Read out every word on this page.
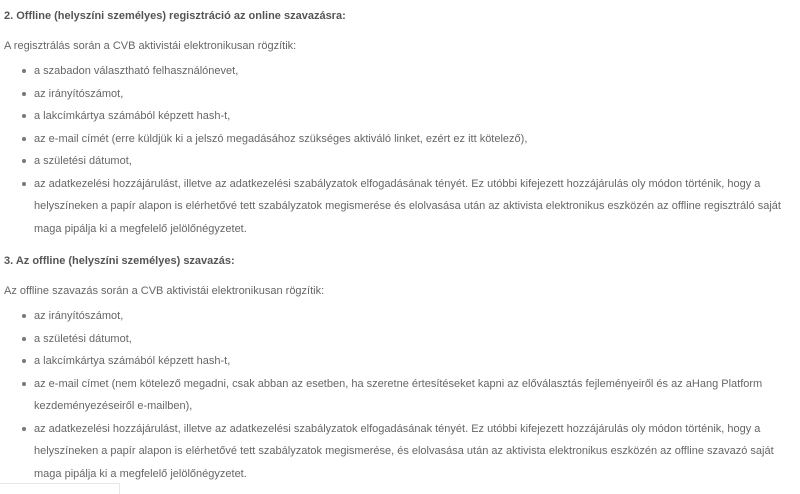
2. Offline (helyszíni személyes) regisztráció az online szavazásra:

A regisztrálás során a CVB aktivistái elektronikusan rögzítik:

a szabadon választható felhasználónevet,
az irányítószámot,
a lakcímkártya számából képzett hash-t,
az e-mail címét (erre küldjük ki a jelszó megadásához szükséges aktiváló linket, ezért ez itt kötelező),
a születési dátumot,
az adatkezelési hozzájárulást, illetve az adatkezelési szabályzatok elfogadásának tényét. Ez utóbbi kifejezett hozzájárulás oly módon történik, hogy a helyszíneken a papír alapon is elérhetővé tett szabályzatok megismerése és elolvasása után az aktivista elektronikus eszközén az offline regisztráló saját maga pipálja ki a megfelelő jelölőnégyzetet.

3. Az offline (helyszíni személyes) szavazás:

Az offline szavazás során a CVB aktivistái elektronikusan rögzítik:

az irányítószámot,
a születési dátumot,
a lakcímkártya számából képzett hash-t,
az e-mail címet (nem kötelező megadni, csak abban az esetben, ha szeretne értesítéseket kapni az előválasztás fejleményeiről és az aHang Platform kezdeményezéseiről e-mailben),
az adatkezelési hozzájárulást, illetve az adatkezelési szabályzatok elfogadásának tényét. Ez utóbbi kifejezett hozzájárulás oly módon történik, hogy a helyszíneken a papír alapon is elérhetővé tett szabályzatok megismerése, és elolvasása után az aktivista elektronikus eszközén az offline szavazó saját maga pipálja ki a megfelelő jelölőnégyzetet.
